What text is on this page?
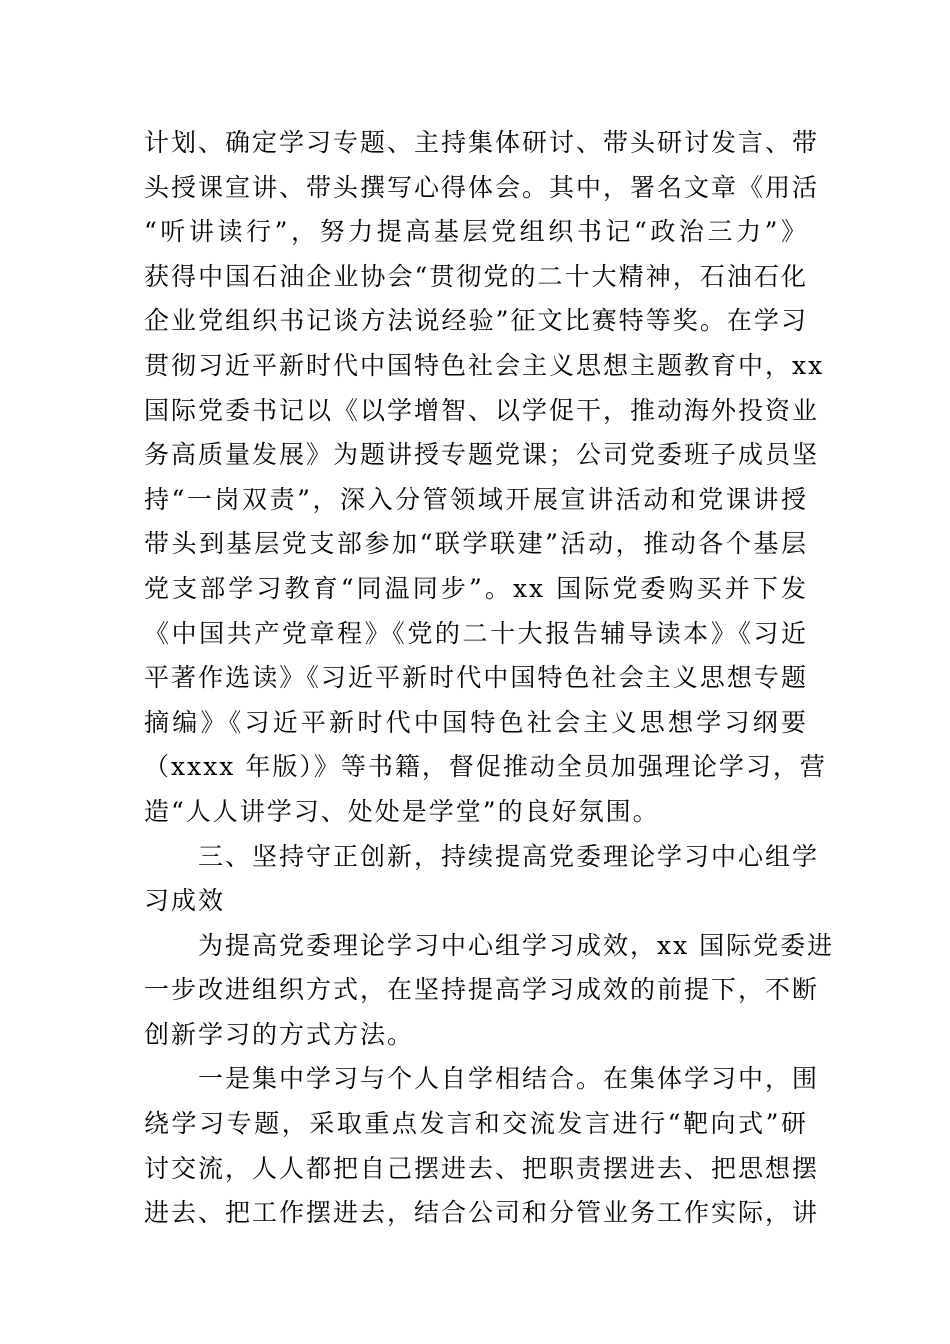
计划、确定学习专题、主持集体研讨、带头研讨发言、带
头授课宣讲、带头撰写心得体会。其中，署名文章《用活
“听讲读行”，努力提高基层党组织书记“政治三力”》
获得中国石油企业协会“贯彻党的二十大精神，石油石化
企业党组织书记谈方法说经验”征文比赛特等奖。在学习
贯彻习近平新时代中国特色社会主义思想主题教育中，xx
国际党委书记以《以学增智、以学促干，推动海外投资业
务高质量发展》为题讲授专题党课；公司党委班子成员坚
持“一岗双责”，深入分管领域开展宣讲活动和党课讲授
带头到基层党支部参加“联学联建”活动，推动各个基层
党支部学习教育“同温同步”。xx 国际党委购买并下发
《中国共产党章程》《党的二十大报告辅导读本》《习近
平著作选读》《习近平新时代中国特色社会主义思想专题
摘编》《习近平新时代中国特色社会主义思想学习纲要
（xxxx 年版）》等书籍，督促推动全员加强理论学习，营
造“人人讲学习、处处是学堂”的良好氛围。
三、坚持守正创新，持续提高党委理论学习中心组学
习成效
为提高党委理论学习中心组学习成效，xx 国际党委进
一步改进组织方式，在坚持提高学习成效的前提下，不断
创新学习的方式方法。
一是集中学习与个人自学相结合。在集体学习中，围
绕学习专题，采取重点发言和交流发言进行“靶向式”研
讨交流，人人都把自己摆进去、把职责摆进去、把思想摆
进去、把工作摆进去，结合公司和分管业务工作实际，讲
